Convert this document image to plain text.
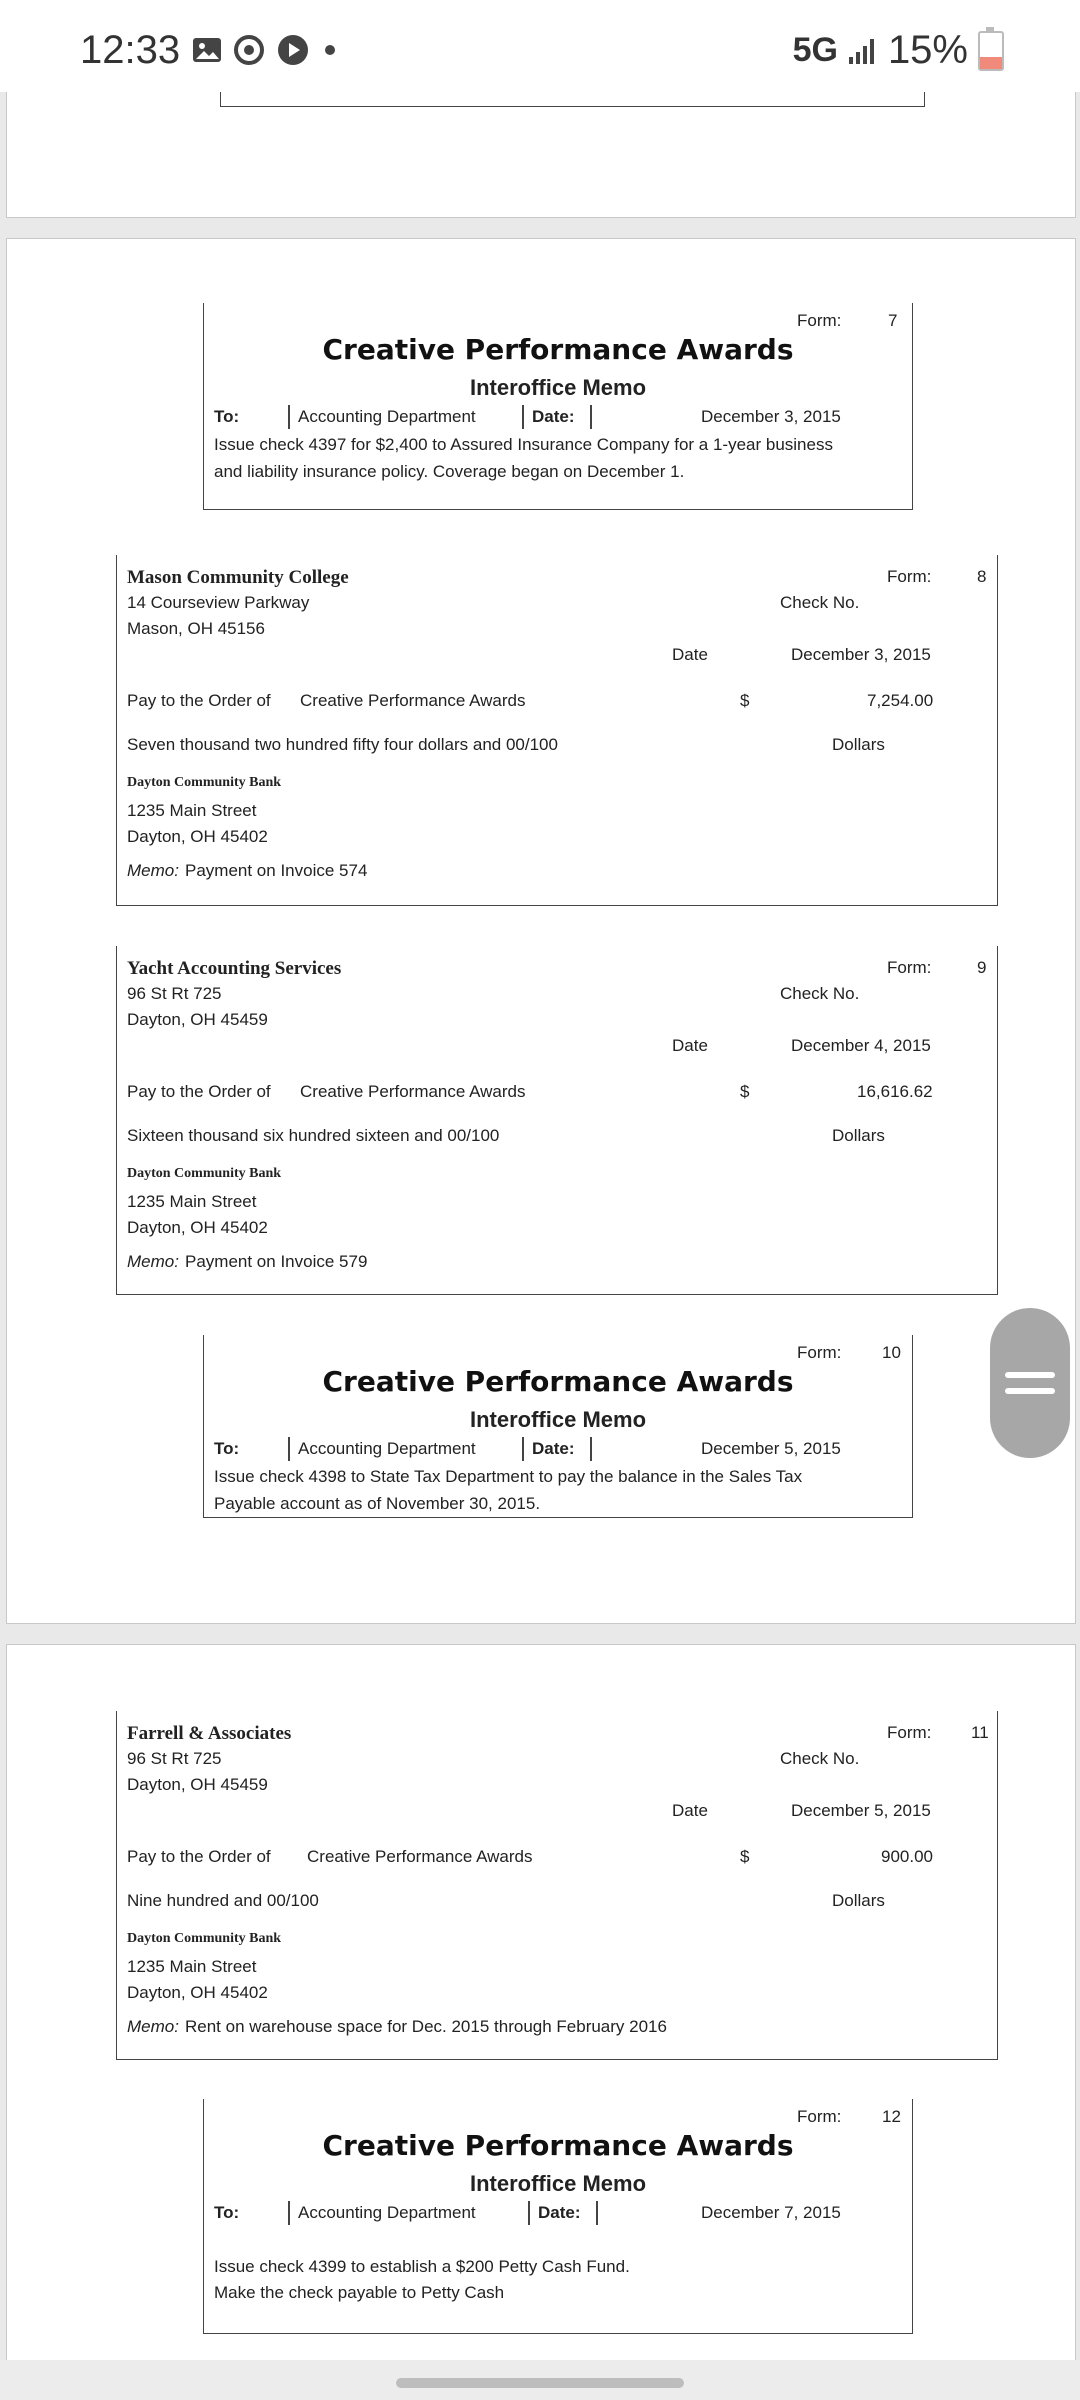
12:33	5G 15%
Form:	7
Creative Performance Awards
Interoffice Memo
To:	Accounting Department	Date:	December 3, 2015
Issue check 4397 for $2,400 to Assured Insurance Company for a 1-year business
and liability insurance policy. Coverage began on December 1.
Mason Community College
14 Courseview Parkway
Mason, OH 45156
Form:	8
Check No.
Date	December 3, 2015
Pay to the Order of Creative Performance Awards	$	7,254.00
Seven thousand two hundred fifty four dollars and 00/100	Dollars
Dayton Community Bank
1235 Main Street
Dayton, OH 45402
Memo: Payment on Invoice 574
Yacht Accounting Services
96 St Rt 725
Dayton, OH 45459
Form:	9
Check No.
Date	December 4, 2015
Pay to the Order of Creative Performance Awards	$	16,616.62
Sixteen thousand six hundred sixteen and 00/100	Dollars
Dayton Community Bank
1235 Main Street
Dayton, OH 45402
Memo: Payment on Invoice 579
Form: 10
Creative Performance Awards
Interoffice Memo
To:	Accounting Department	Date:	December 5, 2015
Issue check 4398 to State Tax Department to pay the balance in the Sales Tax
Payable account as of November 30, 2015.
Farrell & Associates
96 St Rt 725
Dayton, OH 45459
Form: 11
Check No.
Date	December 5, 2015
Pay to the Order of Creative Performance Awards	$	900.00
Nine hundred and 00/100	Dollars
Dayton Community Bank
1235 Main Street
Dayton, OH 45402
Memo: Rent on warehouse space for Dec. 2015 through February 2016
Form: 12
Creative Performance Awards
Interoffice Memo
To:	Accounting Department	Date:	December 7, 2015
Issue check 4399 to establish a $200 Petty Cash Fund.
Make the check payable to Petty Cash
